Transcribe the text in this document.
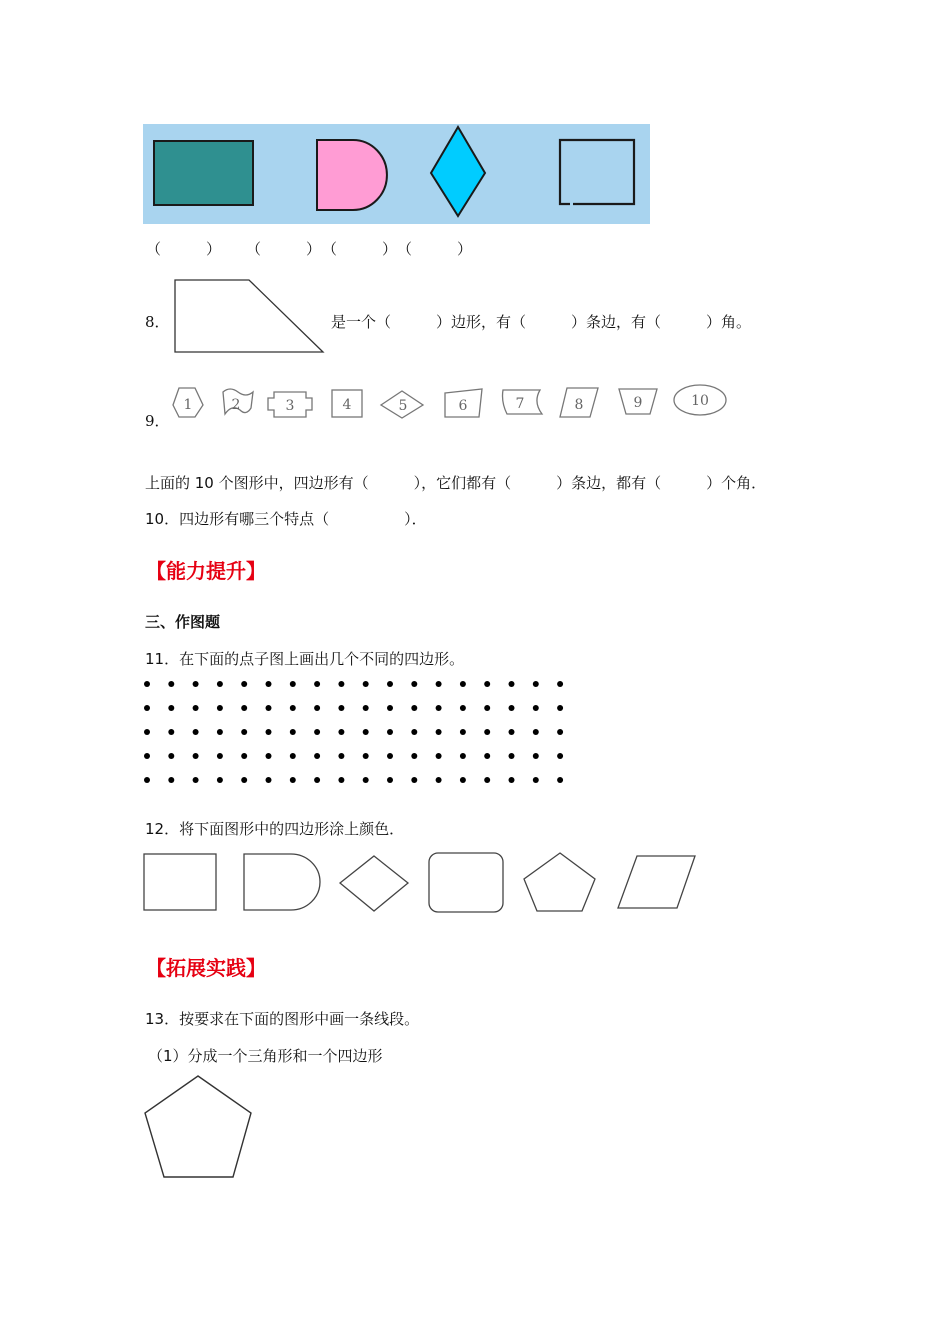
（　　　） （　　　） （　　　） （　　　）
8．	是一个（　　　）边形，有（　　　）条边，有（　　　）角。
9．
1	2	3	4	5	6	7	8	9	10
上面的 10 个图形中，四边形有（　　　），它们都有（　　　）条边，都有（　　　）个角．
10．四边形有哪三个特点（　　　　　）．
【能力提升】
三、作图题
11．在下面的点子图上画出几个不同的四边形。
12．将下面图形中的四边形涂上颜色．
【拓展实践】
13．按要求在下面的图形中画一条线段。
（1）分成一个三角形和一个四边形
